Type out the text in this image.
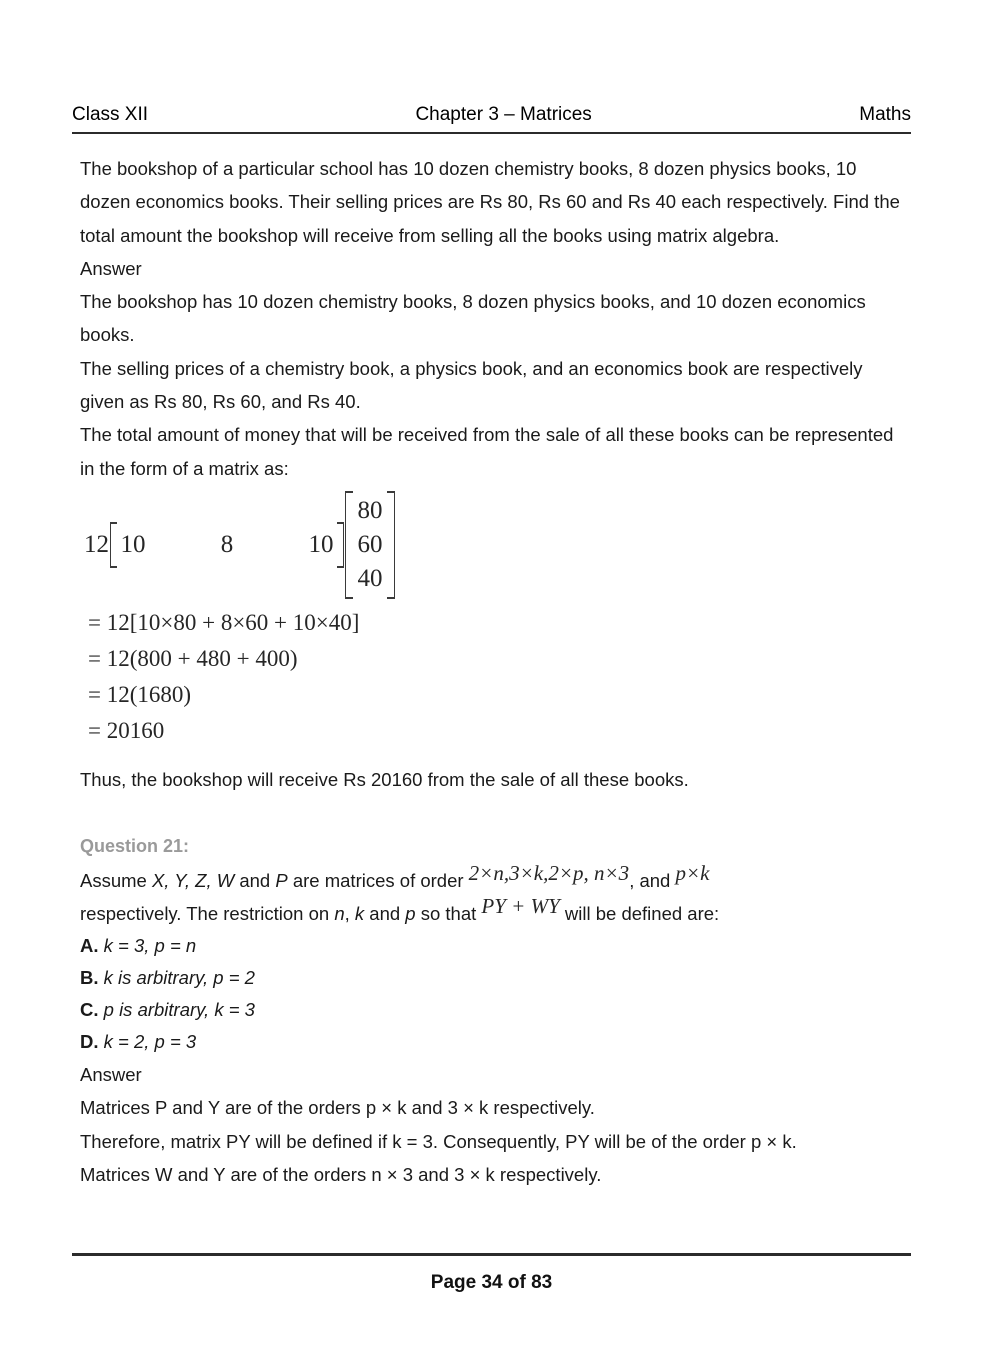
Class XII	Chapter 3 – Matrices	Maths

The bookshop of a particular school has 10 dozen chemistry books, 8 dozen physics books, 10 dozen economics books. Their selling prices are Rs 80, Rs 60 and Rs 40 each respectively. Find the total amount the bookshop will receive from selling all the books using matrix algebra.

Answer

The bookshop has 10 dozen chemistry books, 8 dozen physics books, and 10 dozen economics books.

The selling prices of a chemistry book, a physics book, and an economics book are respectively given as Rs 80, Rs 60, and Rs 40.

The total amount of money that will be received from the sale of all these books can be represented in the form of a matrix as:

12 10	8	10
80
60
40
= 12[10×80 + 8×60 + 10×40]
= 12(800 + 480 + 400)
= 12(1680)
= 20160

Thus, the bookshop will receive Rs 20160 from the sale of all these books.

Question 21:

Assume X, Y, Z, W and P are matrices of order 2×n,3×k,2×p, n×3, and p×k

respectively. The restriction on n, k and p so that PY + WY will be defined are:

A. k = 3, p = n

B. k is arbitrary, p = 2

C. p is arbitrary, k = 3

D. k = 2, p = 3

Answer

Matrices P and Y are of the orders p × k and 3 × k respectively.

Therefore, matrix PY will be defined if k = 3. Consequently, PY will be of the order p × k.

Matrices W and Y are of the orders n × 3 and 3 × k respectively.

Page 34 of 83
